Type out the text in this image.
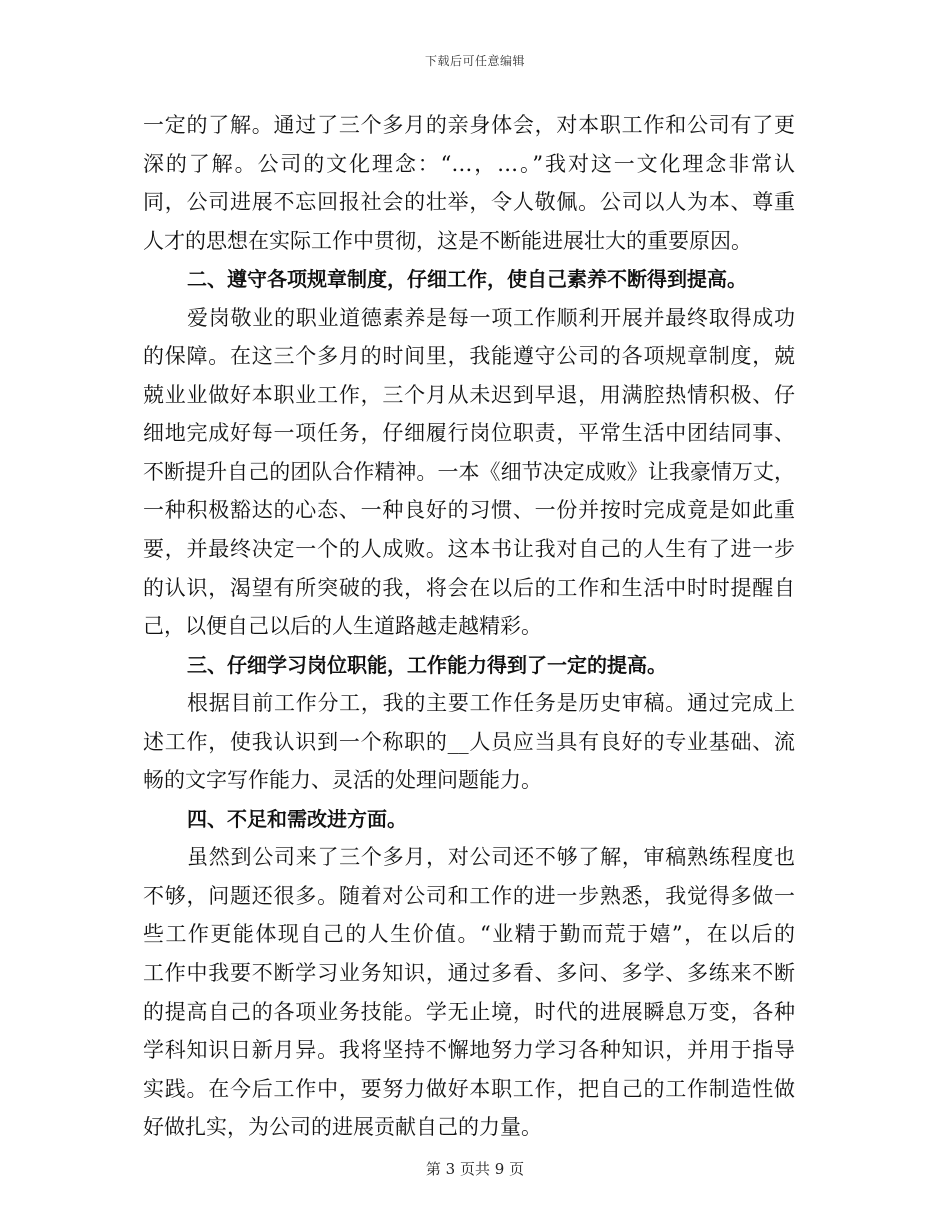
下载后可任意编辑
一定的了解。通过了三个多月的亲身体会，对本职工作和公司有了更
深的了解。公司的文化理念：“…，…。”我对这一文化理念非常认
同，公司进展不忘回报社会的壮举，令人敬佩。公司以人为本、尊重
人才的思想在实际工作中贯彻，这是不断能进展壮大的重要原因。
二、遵守各项规章制度，仔细工作，使自己素养不断得到提高。
爱岗敬业的职业道德素养是每一项工作顺利开展并最终取得成功
的保障。在这三个多月的时间里，我能遵守公司的各项规章制度，兢
兢业业做好本职业工作，三个月从未迟到早退，用满腔热情积极、仔
细地完成好每一项任务，仔细履行岗位职责，平常生活中团结同事、
不断提升自己的团队合作精神。一本《细节决定成败》让我豪情万丈，
一种积极豁达的心态、一种良好的习惯、一份并按时完成竟是如此重
要，并最终决定一个的人成败。这本书让我对自己的人生有了进一步
的认识，渴望有所突破的我，将会在以后的工作和生活中时时提醒自
己，以便自己以后的人生道路越走越精彩。
三、仔细学习岗位职能，工作能力得到了一定的提高。
根据目前工作分工，我的主要工作任务是历史审稿。通过完成上
述工作，使我认识到一个称职的__人员应当具有良好的专业基础、流
畅的文字写作能力、灵活的处理问题能力。
四、不足和需改进方面。
虽然到公司来了三个多月，对公司还不够了解，审稿熟练程度也
不够，问题还很多。随着对公司和工作的进一步熟悉，我觉得多做一
些工作更能体现自己的人生价值。“业精于勤而荒于嬉”，在以后的
工作中我要不断学习业务知识，通过多看、多问、多学、多练来不断
的提高自己的各项业务技能。学无止境，时代的进展瞬息万变，各种
学科知识日新月异。我将坚持不懈地努力学习各种知识，并用于指导
实践。在今后工作中，要努力做好本职工作，把自己的工作制造性做
好做扎实，为公司的进展贡献自己的力量。
第 3 页共 9 页
